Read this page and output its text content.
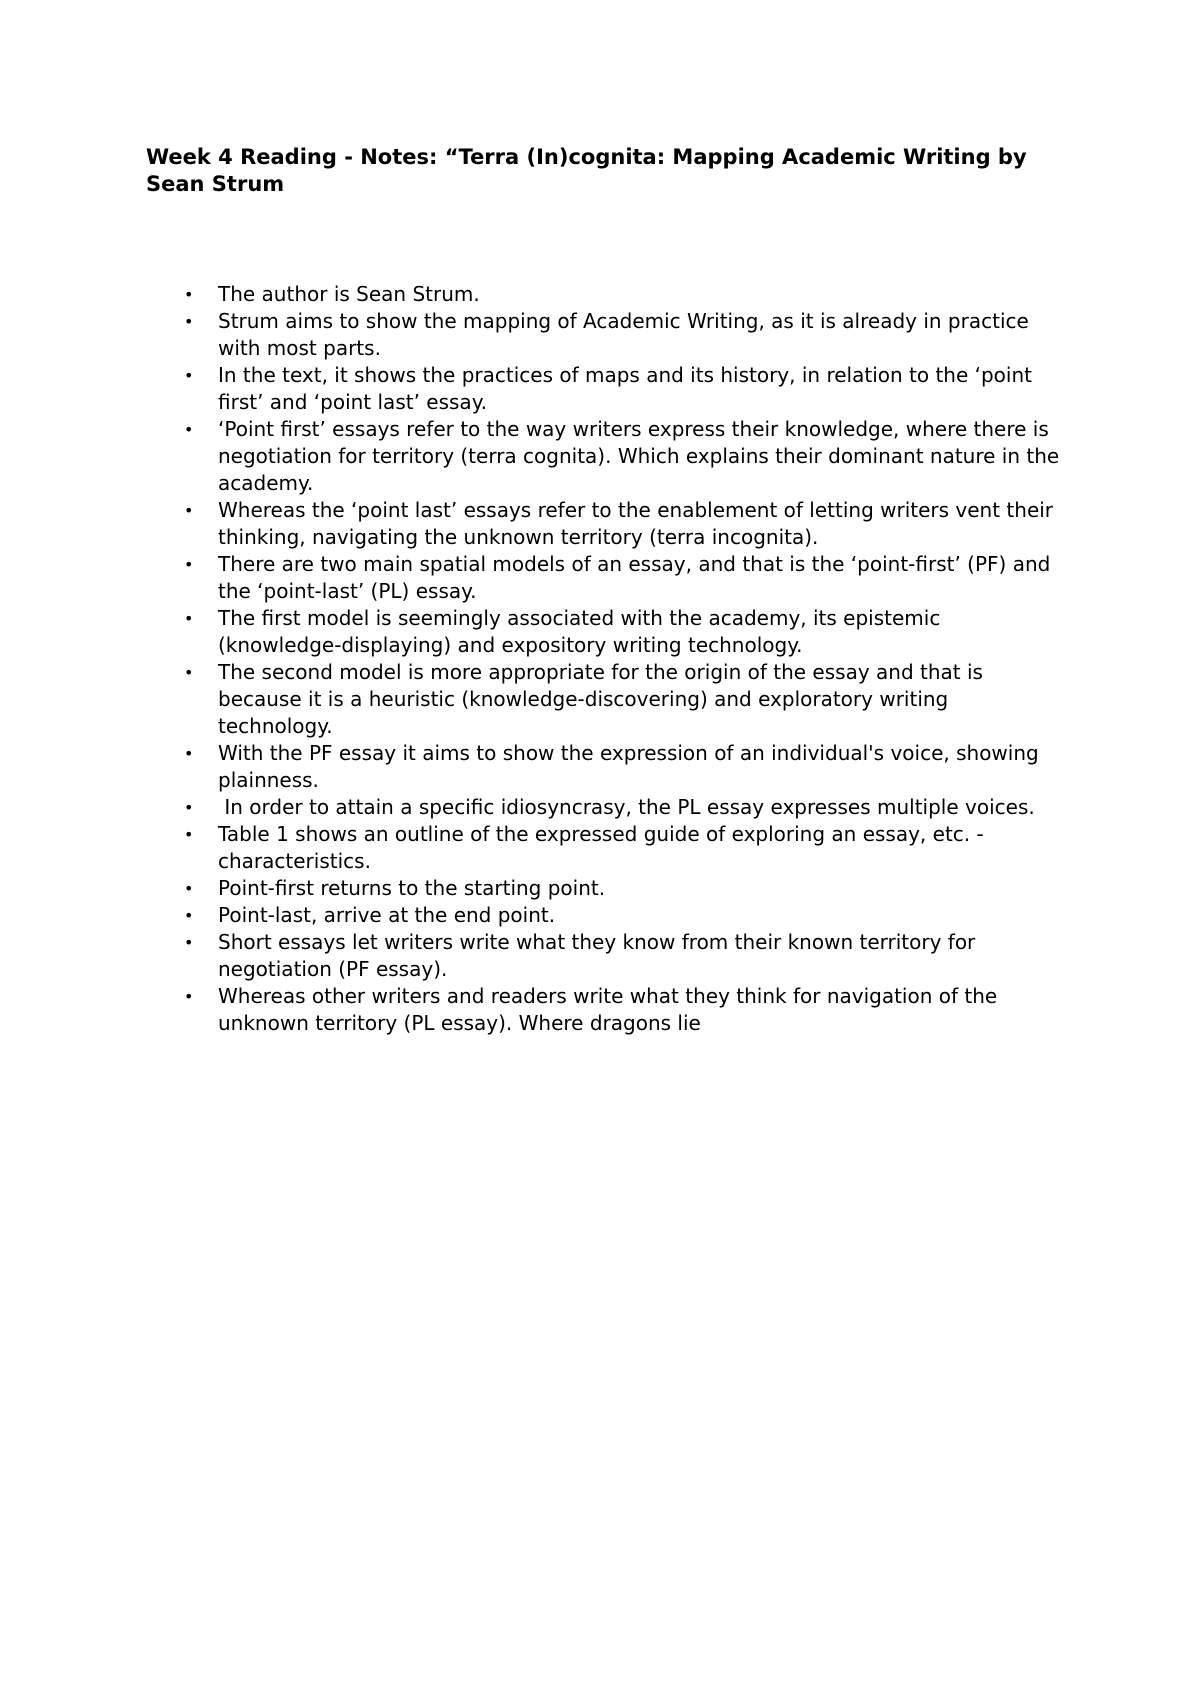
Week 4 Reading - Notes: “Terra (In)cognita: Mapping Academic Writing by Sean Strum
• The author is Sean Strum.
• Strum aims to show the mapping of Academic Writing, as it is already in practice with most parts.
• In the text, it shows the practices of maps and its history, in relation to the ‘point first’ and ‘point last’ essay.
• ‘Point first’ essays refer to the way writers express their knowledge, where there is negotiation for territory (terra cognita). Which explains their dominant nature in the academy.
• Whereas the ‘point last’ essays refer to the enablement of letting writers vent their thinking, navigating the unknown territory (terra incognita).
• There are two main spatial models of an essay, and that is the ‘point-first’ (PF) and the ‘point-last’ (PL) essay.
• The first model is seemingly associated with the academy, its epistemic (knowledge-displaying) and expository writing technology.
• The second model is more appropriate for the origin of the essay and that is because it is a heuristic (knowledge-discovering) and exploratory writing technology.
• With the PF essay it aims to show the expression of an individual's voice, showing plainness.
• In order to attain a specific idiosyncrasy, the PL essay expresses multiple voices.
• Table 1 shows an outline of the expressed guide of exploring an essay, etc. - characteristics.
• Point-first returns to the starting point.
• Point-last, arrive at the end point.
• Short essays let writers write what they know from their known territory for negotiation (PF essay).
• Whereas other writers and readers write what they think for navigation of the unknown territory (PL essay). Where dragons lie
